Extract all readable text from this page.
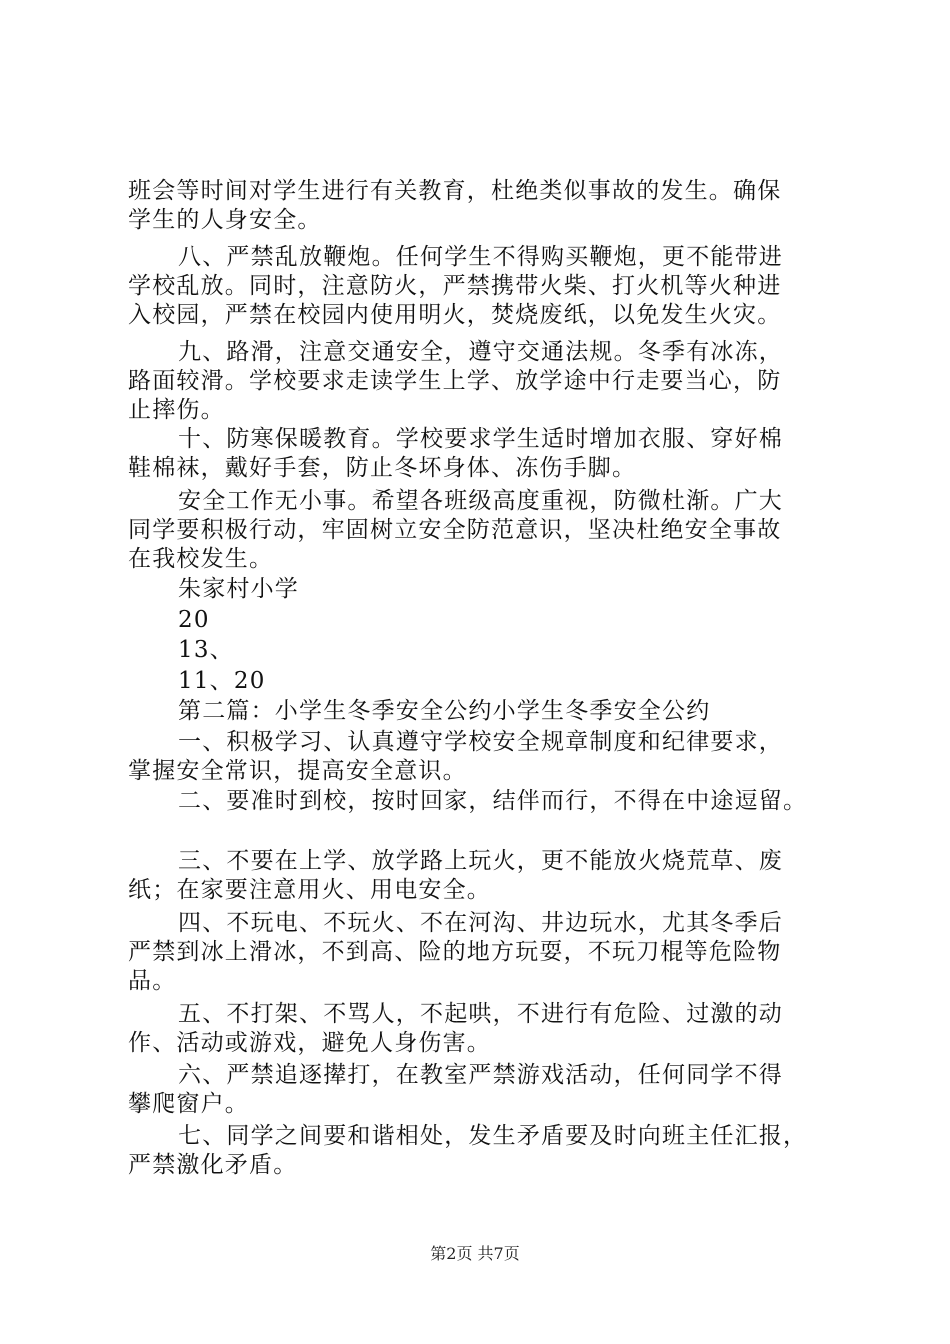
班会等时间对学生进行有关教育，杜绝类似事故的发生。确保
学生的人身安全。
八、严禁乱放鞭炮。任何学生不得购买鞭炮，更不能带进
学校乱放。同时，注意防火，严禁携带火柴、打火机等火种进
入校园，严禁在校园内使用明火，焚烧废纸，以免发生火灾。
九、路滑，注意交通安全，遵守交通法规。冬季有冰冻，
路面较滑。学校要求走读学生上学、放学途中行走要当心，防
止摔伤。
十、防寒保暖教育。学校要求学生适时增加衣服、穿好棉
鞋棉袜，戴好手套，防止冬坏身体、冻伤手脚。
安全工作无小事。希望各班级高度重视，防微杜渐。广大
同学要积极行动，牢固树立安全防范意识，坚决杜绝安全事故
在我校发生。
朱家村小学
20
13、
11、20
第二篇：小学生冬季安全公约小学生冬季安全公约
一、积极学习、认真遵守学校安全规章制度和纪律要求，
掌握安全常识，提高安全意识。
二、要准时到校，按时回家，结伴而行，不得在中途逗留。
三、不要在上学、放学路上玩火，更不能放火烧荒草、废
纸；在家要注意用火、用电安全。
四、不玩电、不玩火、不在河沟、井边玩水，尤其冬季后
严禁到冰上滑冰，不到高、险的地方玩耍，不玩刀棍等危险物
品。
五、不打架、不骂人，不起哄，不进行有危险、过激的动
作、活动或游戏，避免人身伤害。
六、严禁追逐撵打，在教室严禁游戏活动，任何同学不得
攀爬窗户。
七、同学之间要和谐相处，发生矛盾要及时向班主任汇报，
严禁激化矛盾。
第2页 共7页
